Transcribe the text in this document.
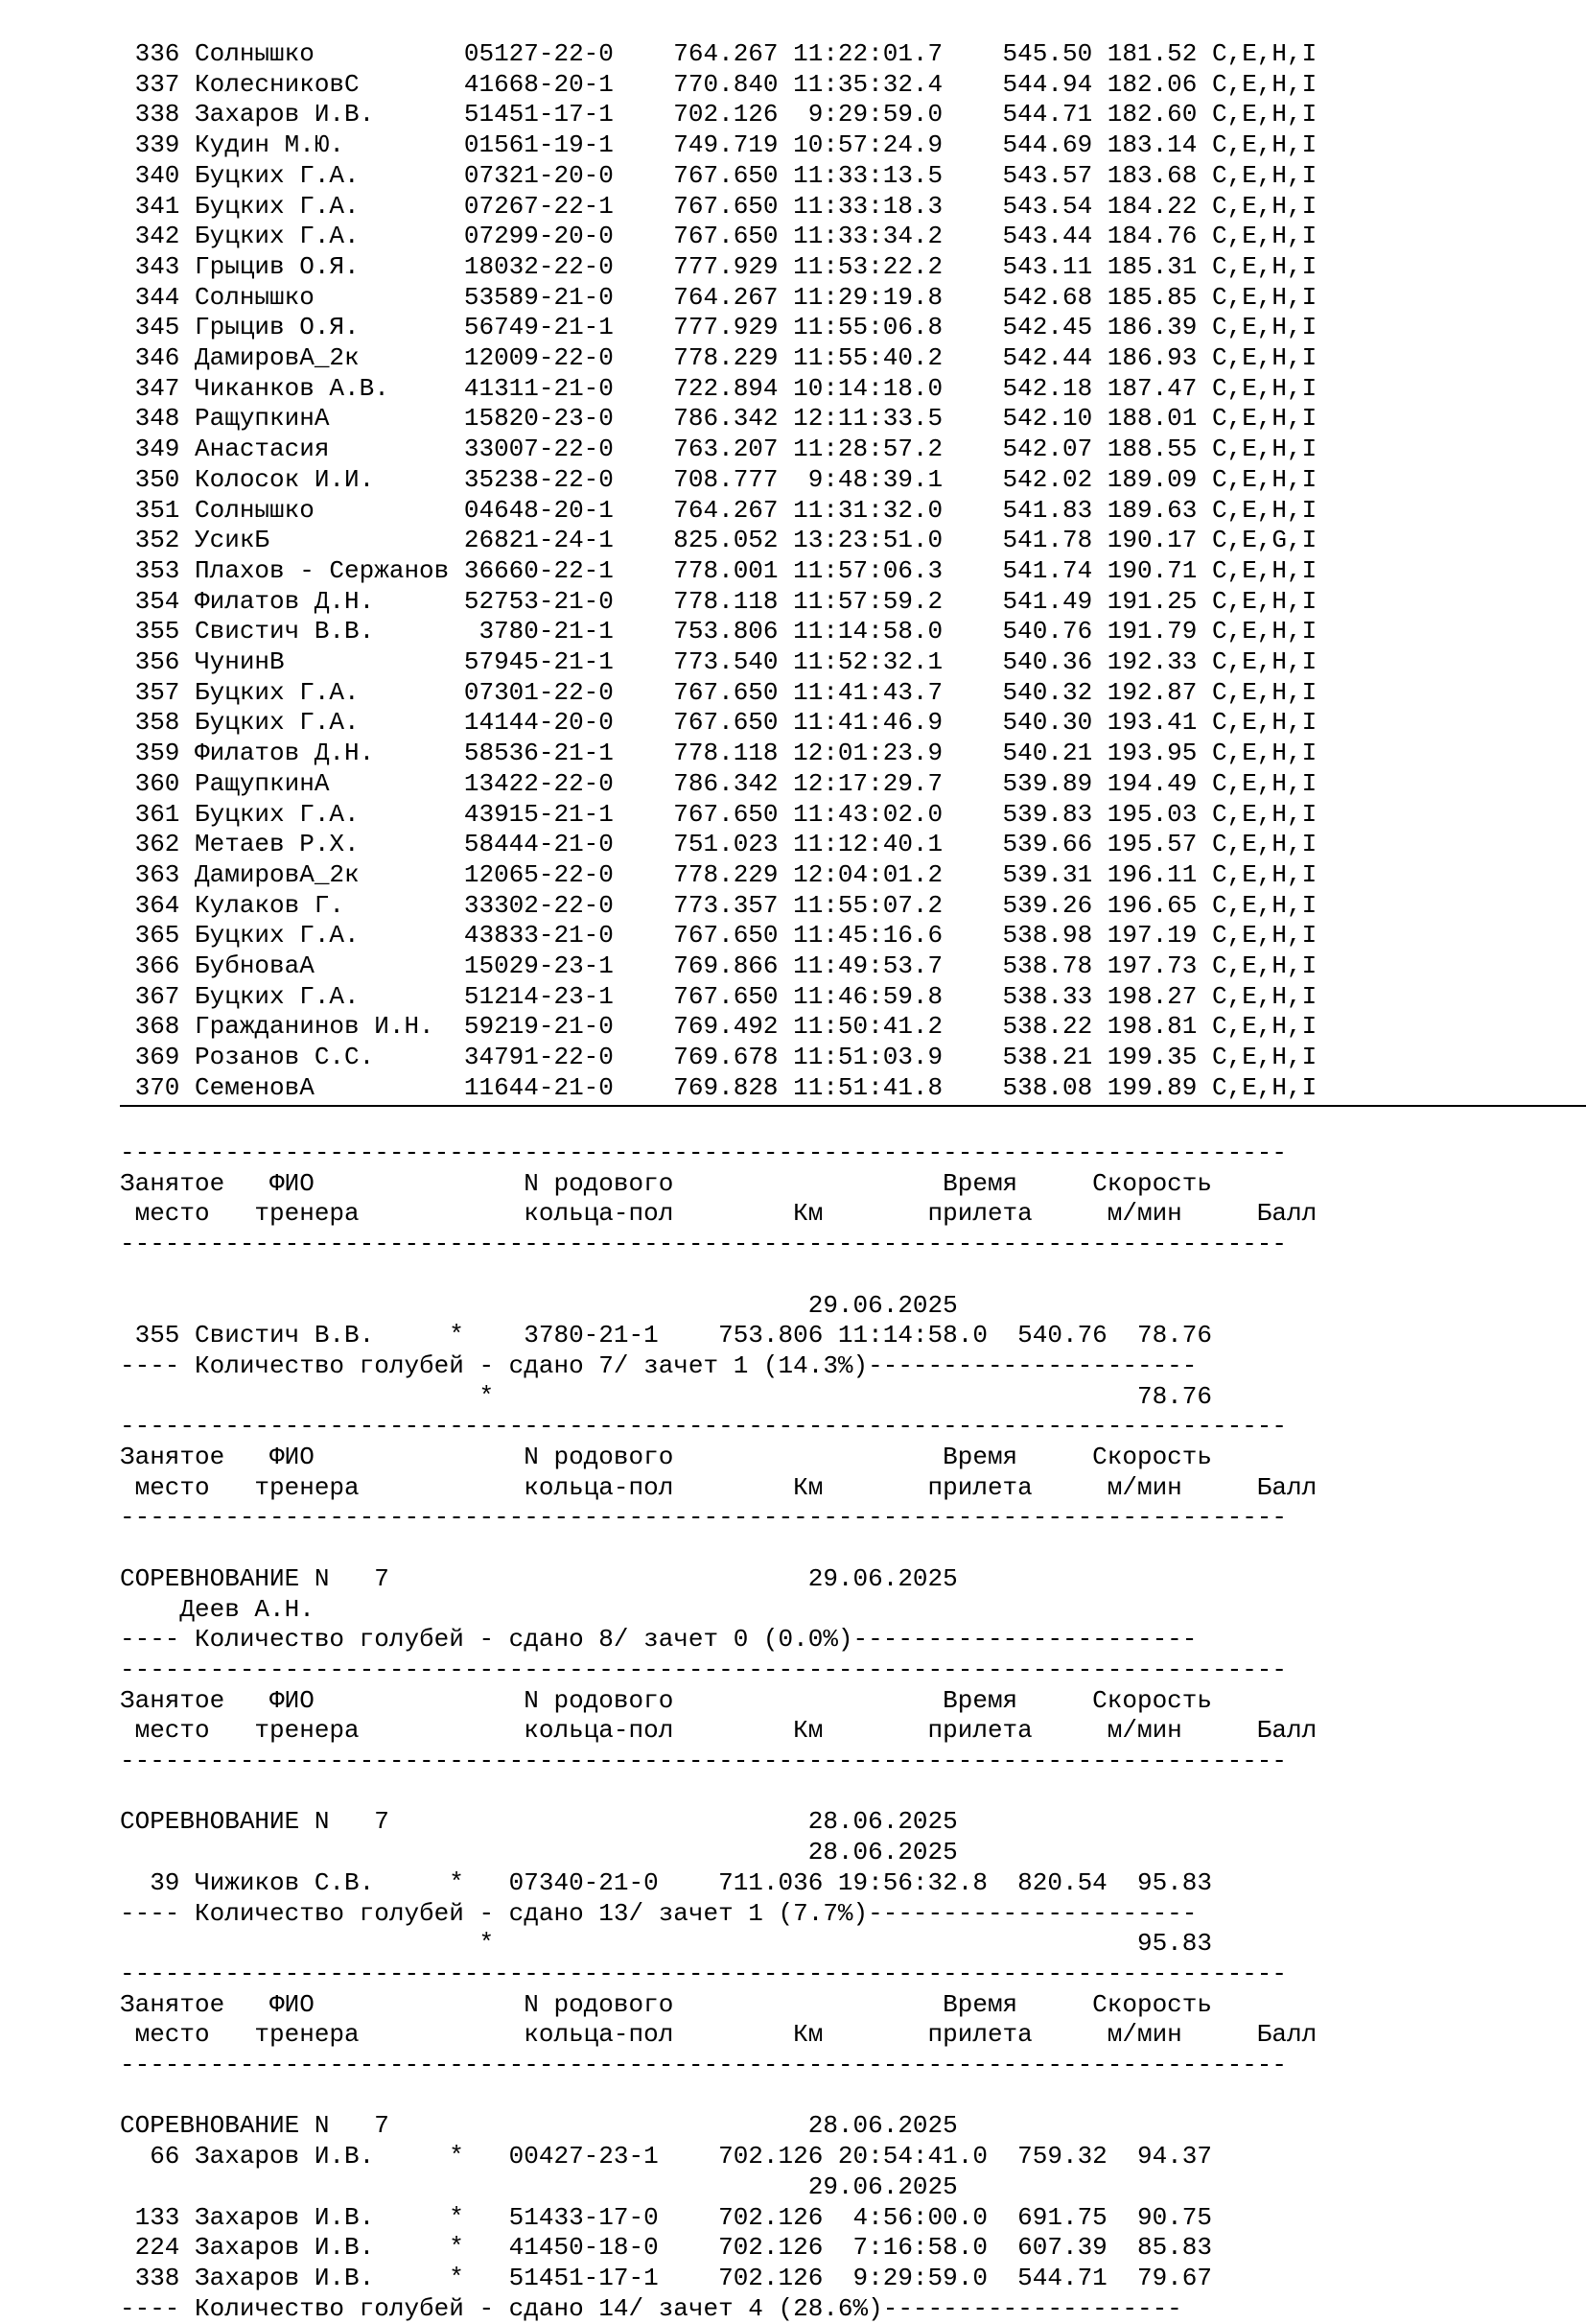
336 Солнышко          05127-22-0    764.267 11:22:01.7    545.50 181.52 C,E,H,I
337 КолесниковС       41668-20-1    770.840 11:35:32.4    544.94 182.06 C,E,H,I
338 Захаров И.В.      51451-17-1    702.126  9:29:59.0    544.71 182.60 C,E,H,I
339 Кудин М.Ю.        01561-19-1    749.719 10:57:24.9    544.69 183.14 C,E,H,I
340 Буцких Г.А.       07321-20-0    767.650 11:33:13.5    543.57 183.68 C,E,H,I
341 Буцких Г.А.       07267-22-1    767.650 11:33:18.3    543.54 184.22 C,E,H,I
342 Буцких Г.А.       07299-20-0    767.650 11:33:34.2    543.44 184.76 C,E,H,I
343 Грыцив О.Я.       18032-22-0    777.929 11:53:22.2    543.11 185.31 C,E,H,I
344 Солнышко          53589-21-0    764.267 11:29:19.8    542.68 185.85 C,E,H,I
345 Грыцив О.Я.       56749-21-1    777.929 11:55:06.8    542.45 186.39 C,E,H,I
346 ДамировА_2к       12009-22-0    778.229 11:55:40.2    542.44 186.93 C,E,H,I
347 Чиканков А.В.     41311-21-0    722.894 10:14:18.0    542.18 187.47 C,E,H,I
348 РащупкинА         15820-23-0    786.342 12:11:33.5    542.10 188.01 C,E,H,I
349 Анастасия         33007-22-0    763.207 11:28:57.2    542.07 188.55 C,E,H,I
350 Колосок И.И.      35238-22-0    708.777  9:48:39.1    542.02 189.09 C,E,H,I
351 Солнышко          04648-20-1    764.267 11:31:32.0    541.83 189.63 C,E,H,I
352 УсикБ             26821-24-1    825.052 13:23:51.0    541.78 190.17 C,E,G,I
353 Плахов - Сержанов 36660-22-1    778.001 11:57:06.3    541.74 190.71 C,E,H,I
354 Филатов Д.Н.      52753-21-0    778.118 11:57:59.2    541.49 191.25 C,E,H,I
355 Свистич В.В.       3780-21-1    753.806 11:14:58.0    540.76 191.79 C,E,H,I
356 ЧунинВ            57945-21-1    773.540 11:52:32.1    540.36 192.33 C,E,H,I
357 Буцких Г.А.       07301-22-0    767.650 11:41:43.7    540.32 192.87 C,E,H,I
358 Буцких Г.А.       14144-20-0    767.650 11:41:46.9    540.30 193.41 C,E,H,I
359 Филатов Д.Н.      58536-21-1    778.118 12:01:23.9    540.21 193.95 C,E,H,I
360 РащупкинА         13422-22-0    786.342 12:17:29.7    539.89 194.49 C,E,H,I
361 Буцких Г.А.       43915-21-1    767.650 11:43:02.0    539.83 195.03 C,E,H,I
362 Метаев Р.Х.       58444-21-0    751.023 11:12:40.1    539.66 195.57 C,E,H,I
363 ДамировА_2к       12065-22-0    778.229 12:04:01.2    539.31 196.11 C,E,H,I
364 Кулаков Г.        33302-22-0    773.357 11:55:07.2    539.26 196.65 C,E,H,I
365 Буцких Г.А.       43833-21-0    767.650 11:45:16.6    538.98 197.19 C,E,H,I
366 БубноваА          15029-23-1    769.866 11:49:53.7    538.78 197.73 C,E,H,I
367 Буцких Г.А.       51214-23-1    767.650 11:46:59.8    538.33 198.27 C,E,H,I
368 Гражданинов И.Н.  59219-21-0    769.492 11:50:41.2    538.22 198.81 C,E,H,I
369 Розанов С.С.      34791-22-0    769.678 11:51:03.9    538.21 199.35 C,E,H,I
370 СеменовА          11644-21-0    769.828 11:51:41.8    538.08 199.89 C,E,H,I
------------------------------------------------------------------------------
Занятое   ФИО              N родового                  Время     Скорость
место   тренера           кольца-пол        Км       прилета     м/мин     Балл
------------------------------------------------------------------------------
29.06.2025
355 Свистич В.В.     *    3780-21-1    753.806 11:14:58.0  540.76  78.76
---- Количество голубей - сдано 7/ зачет 1 (14.3%)----------------------
*                                           78.76
------------------------------------------------------------------------------
Занятое   ФИО              N родового                  Время     Скорость
место   тренера           кольца-пол        Км       прилета     м/мин     Балл
------------------------------------------------------------------------------
СОРЕВНОВАНИЕ N   7                            29.06.2025
Деев А.Н.
---- Количество голубей - сдано 8/ зачет 0 (0.0%)-----------------------
------------------------------------------------------------------------------
Занятое   ФИО              N родового                  Время     Скорость
место   тренера           кольца-пол        Км       прилета     м/мин     Балл
------------------------------------------------------------------------------
СОРЕВНОВАНИЕ N   7                            28.06.2025
28.06.2025
39 Чижиков С.В.     *   07340-21-0    711.036 19:56:32.8  820.54  95.83
---- Количество голубей - сдано 13/ зачет 1 (7.7%)----------------------
*                                           95.83
------------------------------------------------------------------------------
Занятое   ФИО              N родового                  Время     Скорость
место   тренера           кольца-пол        Км       прилета     м/мин     Балл
------------------------------------------------------------------------------
СОРЕВНОВАНИЕ N   7                            28.06.2025
66 Захаров И.В.     *   00427-23-1    702.126 20:54:41.0  759.32  94.37
29.06.2025
133 Захаров И.В.     *   51433-17-0    702.126  4:56:00.0  691.75  90.75
224 Захаров И.В.     *   41450-18-0    702.126  7:16:58.0  607.39  85.83
338 Захаров И.В.     *   51451-17-1    702.126  9:29:59.0  544.71  79.67
---- Количество голубей - сдано 14/ зачет 4 (28.6%)--------------------
